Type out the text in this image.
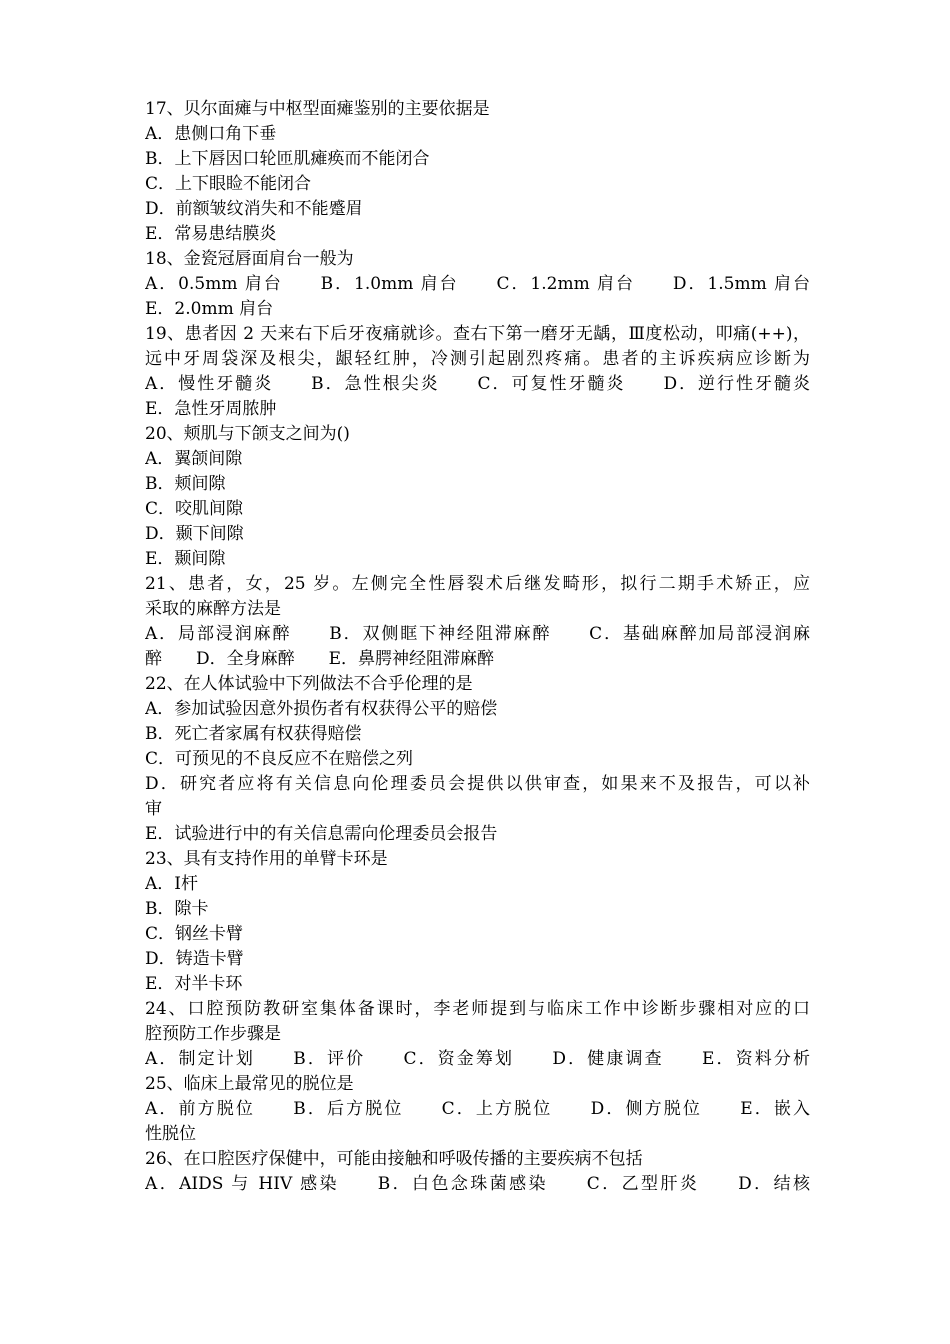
17、贝尔面瘫与中枢型面瘫鉴别的主要依据是
A．患侧口角下垂
B．上下唇因口轮匝肌瘫痪而不能闭合
C．上下眼睑不能闭合
D．前额皱纹消失和不能蹙眉
E．常易患结膜炎
18、金瓷冠唇面肩台一般为
A．0.5mm 肩台　　B．1.0mm 肩台　　C．1.2mm 肩台　　D．1.5mm 肩台
E．2.0mm 肩台
19、患者因 2 天来右下后牙夜痛就诊。查右下第一磨牙无龋，Ⅲ度松动，叩痛(++)，
远中牙周袋深及根尖，龈轻红肿，冷测引起剧烈疼痛。患者的主诉疾病应诊断为
A．慢性牙髓炎　　B．急性根尖炎　　C．可复性牙髓炎　　D．逆行性牙髓炎
E．急性牙周脓肿
20、颊肌与下颌支之间为()
A．翼颌间隙
B．颊间隙
C．咬肌间隙
D．颞下间隙
E．颞间隙
21、患者，女，25 岁。左侧完全性唇裂术后继发畸形，拟行二期手术矫正，应
采取的麻醉方法是
A．局部浸润麻醉　　B．双侧眶下神经阻滞麻醉　　C．基础麻醉加局部浸润麻
醉　　D．全身麻醉　　E．鼻腭神经阻滞麻醉
22、在人体试验中下列做法不合乎伦理的是
A．参加试验因意外损伤者有权获得公平的赔偿
B．死亡者家属有权获得赔偿
C．可预见的不良反应不在赔偿之列
D．研究者应将有关信息向伦理委员会提供以供审查，如果来不及报告，可以补
审
E．试验进行中的有关信息需向伦理委员会报告
23、具有支持作用的单臂卡环是
A．Ⅰ杆
B．隙卡
C．钢丝卡臂
D．铸造卡臂
E．对半卡环
24、口腔预防教研室集体备课时，李老师提到与临床工作中诊断步骤相对应的口
腔预防工作步骤是
A．制定计划　　B．评价　　C．资金筹划　　D．健康调查　　E．资料分析
25、临床上最常见的脱位是
A．前方脱位　　B．后方脱位　　C．上方脱位　　D．侧方脱位　　E．嵌入
性脱位
26、在口腔医疗保健中，可能由接触和呼吸传播的主要疾病不包括
A．AIDS 与 HIV 感染　　B．白色念珠菌感染　　C．乙型肝炎　　D．结核
